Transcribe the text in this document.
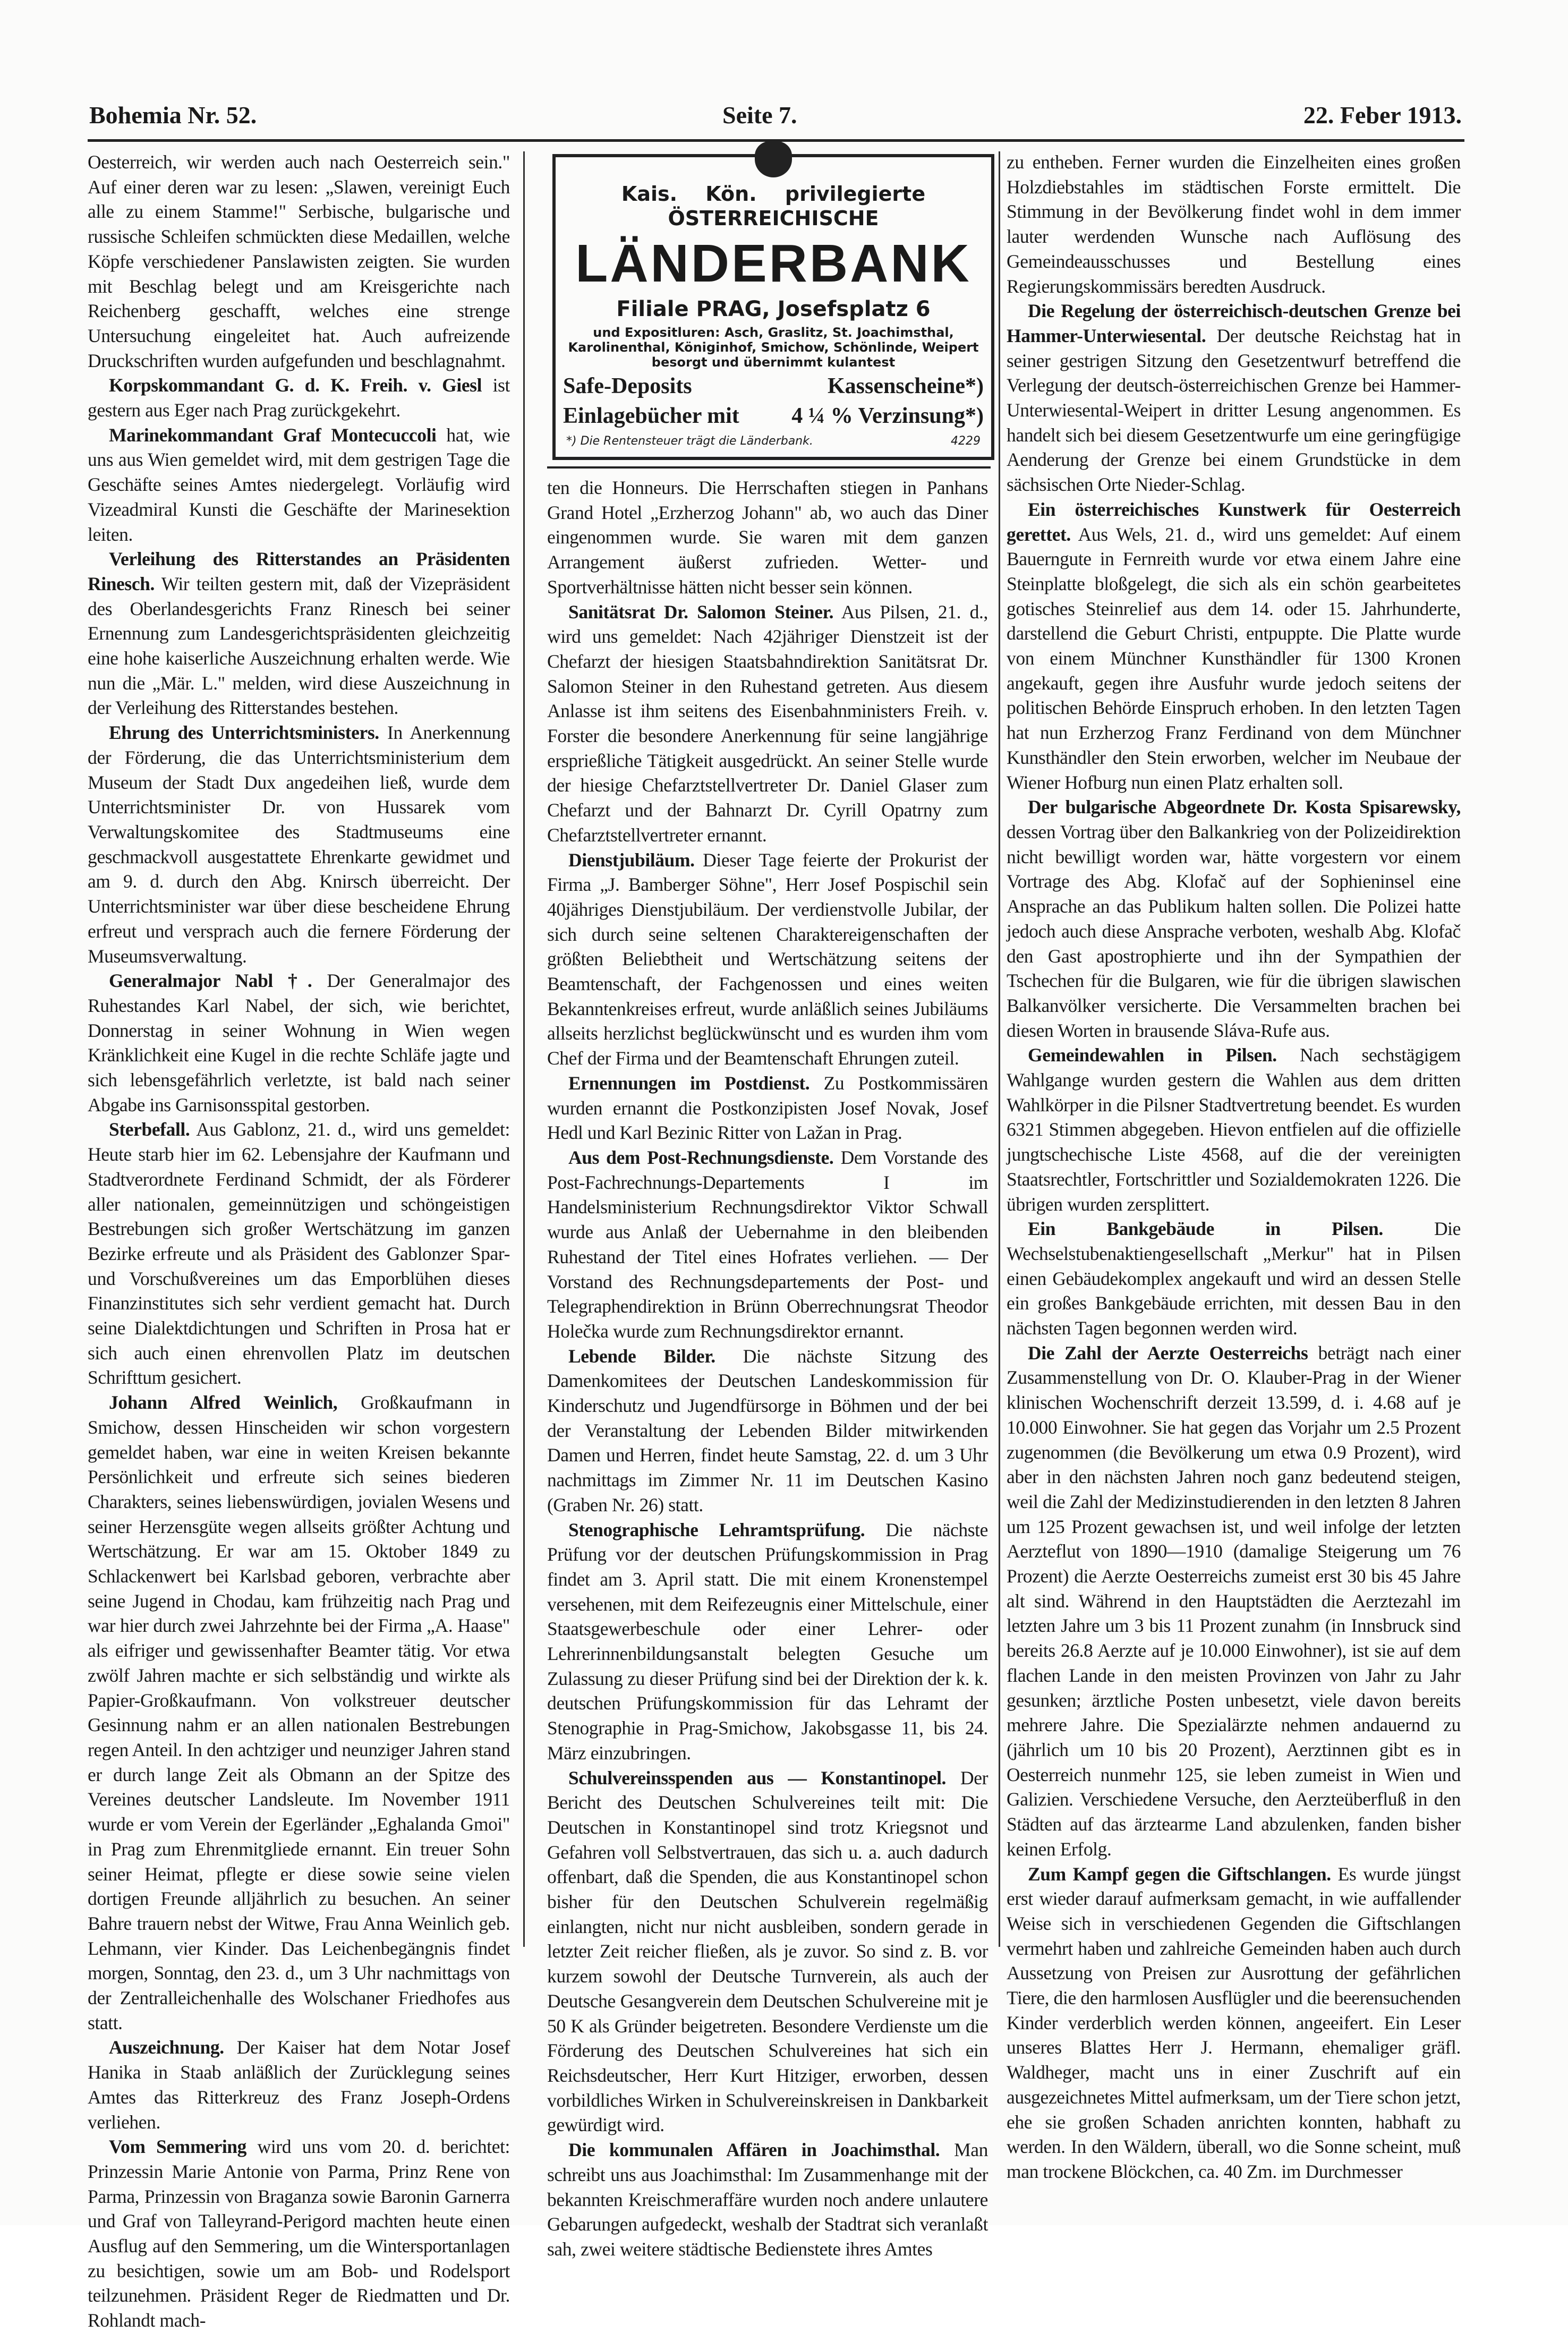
Bohemia Nr. 52.	Seite 7.	22. Feber 1913.
Kais. Kön. privilegierte
ÖSTERREICHISCHE
LÄNDERBANK
Filiale PRAG, Josefsplatz 6
und Expositluren: Asch, Graslitz, St. Joachimsthal, Karolinenthal, Königinhof, Smichow, Schönlinde, Weipert besorgt und übernimmt kulantest
Safe-Deposits	Kassenscheine*)
Einlagebücher mit 4 ¼ % Verzinsung*)
*) Die Rentensteuer trägt die Länderbank.	4229

Oesterreich, wir werden auch nach Oesterreich sein." Auf einer deren war zu lesen: „Slawen, vereinigt Euch alle zu einem Stamme!" Serbische, bulgarische und russische Schleifen schmückten diese Medaillen, welche Köpfe verschiedener Panslawisten zeigten. Sie wurden mit Beschlag belegt und am Kreisgerichte nach Reichenberg geschafft, welches eine strenge Untersuchung eingeleitet hat. Auch aufreizende Druckschriften wurden aufgefunden und beschlagnahmt.

Korpskommandant G. d. K. Freih. v. Giesl ist gestern aus Eger nach Prag zurückgekehrt.

Marinekommandant Graf Montecuccoli hat, wie uns aus Wien gemeldet wird, mit dem gestrigen Tage die Geschäfte seines Amtes niedergelegt. Vorläufig wird Vizeadmiral Kunsti die Geschäfte der Marinesektion leiten.

Verleihung des Ritterstandes an Präsidenten Rinesch. Wir teilten gestern mit, daß der Vizepräsident des Oberlandesgerichts Franz Rinesch bei seiner Ernennung zum Landesgerichtspräsidenten gleichzeitig eine hohe kaiserliche Auszeichnung erhalten werde. Wie nun die „Mär. L." melden, wird diese Auszeichnung in der Verleihung des Ritterstandes bestehen.

Ehrung des Unterrichtsministers. In Anerkennung der Förderung, die das Unterrichtsministerium dem Museum der Stadt Dux angedeihen ließ, wurde dem Unterrichtsminister Dr. von Hussarek vom Verwaltungskomitee des Stadtmuseums eine geschmackvoll ausgestattete Ehrenkarte gewidmet und am 9. d. durch den Abg. Knirsch überreicht. Der Unterrichtsminister war über diese bescheidene Ehrung erfreut und versprach auch die fernere Förderung der Museumsverwaltung.

Generalmajor Nabl †. Der Generalmajor des Ruhestandes Karl Nabel, der sich, wie berichtet, Donnerstag in seiner Wohnung in Wien wegen Kränklichkeit eine Kugel in die rechte Schläfe jagte und sich lebensgefährlich verletzte, ist bald nach seiner Abgabe ins Garnisonsspital gestorben.

Sterbefall. Aus Gablonz, 21. d., wird uns gemeldet: Heute starb hier im 62. Lebensjahre der Kaufmann und Stadtverordnete Ferdinand Schmidt, der als Förderer aller nationalen, gemeinnützigen und schöngeistigen Bestrebungen sich großer Wertschätzung im ganzen Bezirke erfreute und als Präsident des Gablonzer Spar- und Vorschußvereines um das Emporblühen dieses Finanzinstitutes sich sehr verdient gemacht hat. Durch seine Dialektdichtungen und Schriften in Prosa hat er sich auch einen ehrenvollen Platz im deutschen Schrifttum gesichert.

Johann Alfred Weinlich, Großkaufmann in Smichow, dessen Hinscheiden wir schon vorgestern gemeldet haben, war eine in weiten Kreisen bekannte Persönlichkeit und erfreute sich seines biederen Charakters, seines liebenswürdigen, jovialen Wesens und seiner Herzensgüte wegen allseits größter Achtung und Wertschätzung. Er war am 15. Oktober 1849 zu Schlackenwert bei Karlsbad geboren, verbrachte aber seine Jugend in Chodau, kam frühzeitig nach Prag und war hier durch zwei Jahrzehnte bei der Firma „A. Haase" als eifriger und gewissenhafter Beamter tätig. Vor etwa zwölf Jahren machte er sich selbständig und wirkte als Papier-Großkaufmann. Von volkstreuer deutscher Gesinnung nahm er an allen nationalen Bestrebungen regen Anteil. In den achtziger und neunziger Jahren stand er durch lange Zeit als Obmann an der Spitze des Vereines deutscher Landsleute. Im November 1911 wurde er vom Verein der Egerländer „Eghalanda Gmoi" in Prag zum Ehrenmitgliede ernannt. Ein treuer Sohn seiner Heimat, pflegte er diese sowie seine vielen dortigen Freunde alljährlich zu besuchen. An seiner Bahre trauern nebst der Witwe, Frau Anna Weinlich geb. Lehmann, vier Kinder. Das Leichenbegängnis findet morgen, Sonntag, den 23. d., um 3 Uhr nachmittags von der Zentralleichenhalle des Wolschaner Friedhofes aus statt.

Auszeichnung. Der Kaiser hat dem Notar Josef Hanika in Staab anläßlich der Zurücklegung seines Amtes das Ritterkreuz des Franz Joseph-Ordens verliehen.

Vom Semmering wird uns vom 20. d. berichtet: Prinzessin Marie Antonie von Parma, Prinz Rene von Parma, Prinzessin von Braganza sowie Baronin Garnerra und Graf von Talleyrand-Perigord machten heute einen Ausflug auf den Semmering, um die Wintersportanlagen zu besichtigen, sowie um am Bob- und Rodelsport teilzunehmen. Präsident Reger de Riedmatten und Dr. Rohlandt mach-

ten die Honneurs. Die Herrschaften stiegen in Panhans Grand Hotel „Erzherzog Johann" ab, wo auch das Diner eingenommen wurde. Sie waren mit dem ganzen Arrangement äußerst zufrieden. Wetter- und Sportverhältnisse hätten nicht besser sein können.

Sanitätsrat Dr. Salomon Steiner. Aus Pilsen, 21. d., wird uns gemeldet: Nach 42jähriger Dienstzeit ist der Chefarzt der hiesigen Staatsbahndirektion Sanitätsrat Dr. Salomon Steiner in den Ruhestand getreten. Aus diesem Anlasse ist ihm seitens des Eisenbahnministers Freih. v. Forster die besondere Anerkennung für seine langjährige ersprießliche Tätigkeit ausgedrückt. An seiner Stelle wurde der hiesige Chefarztstellvertreter Dr. Daniel Glaser zum Chefarzt und der Bahnarzt Dr. Cyrill Opatrny zum Chefarztstellvertreter ernannt.

Dienstjubiläum. Dieser Tage feierte der Prokurist der Firma „J. Bamberger Söhne", Herr Josef Pospischil sein 40jähriges Dienstjubiläum. Der verdienstvolle Jubilar, der sich durch seine seltenen Charaktereigenschaften der größten Beliebtheit und Wertschätzung seitens der Beamtenschaft, der Fachgenossen und eines weiten Bekanntenkreises erfreut, wurde anläßlich seines Jubiläums allseits herzlichst beglückwünscht und es wurden ihm vom Chef der Firma und der Beamtenschaft Ehrungen zuteil.

Ernennungen im Postdienst. Zu Postkommissären wurden ernannt die Postkonzipisten Josef Novak, Josef Hedl und Karl Bezinic Ritter von Lažan in Prag.

Aus dem Post-Rechnungsdienste. Dem Vorstande des Post-Fachrechnungs-Departements I im Handelsministerium Rechnungsdirektor Viktor Schwall wurde aus Anlaß der Uebernahme in den bleibenden Ruhestand der Titel eines Hofrates verliehen. — Der Vorstand des Rechnungsdepartements der Post- und Telegraphendirektion in Brünn Oberrechnungsrat Theodor Holečka wurde zum Rechnungsdirektor ernannt.

Lebende Bilder. Die nächste Sitzung des Damenkomitees der Deutschen Landeskommission für Kinderschutz und Jugendfürsorge in Böhmen und der bei der Veranstaltung der Lebenden Bilder mitwirkenden Damen und Herren, findet heute Samstag, 22. d. um 3 Uhr nachmittags im Zimmer Nr. 11 im Deutschen Kasino (Graben Nr. 26) statt.

Stenographische Lehramtsprüfung. Die nächste Prüfung vor der deutschen Prüfungskommission in Prag findet am 3. April statt. Die mit einem Kronenstempel versehenen, mit dem Reifezeugnis einer Mittelschule, einer Staatsgewerbeschule oder einer Lehrer- oder Lehrerinnenbildungsanstalt belegten Gesuche um Zulassung zu dieser Prüfung sind bei der Direktion der k. k. deutschen Prüfungskommission für das Lehramt der Stenographie in Prag-Smichow, Jakobsgasse 11, bis 24. März einzubringen.

Schulvereinsspenden aus — Konstantinopel. Der Bericht des Deutschen Schulvereines teilt mit: Die Deutschen in Konstantinopel sind trotz Kriegsnot und Gefahren voll Selbstvertrauen, das sich u. a. auch dadurch offenbart, daß die Spenden, die aus Konstantinopel schon bisher für den Deutschen Schulverein regelmäßig einlangten, nicht nur nicht ausbleiben, sondern gerade in letzter Zeit reicher fließen, als je zuvor. So sind z. B. vor kurzem sowohl der Deutsche Turnverein, als auch der Deutsche Gesangverein dem Deutschen Schulvereine mit je 50 K als Gründer beigetreten. Besondere Verdienste um die Förderung des Deutschen Schulvereines hat sich ein Reichsdeutscher, Herr Kurt Hitziger, erworben, dessen vorbildliches Wirken in Schulvereinskreisen in Dankbarkeit gewürdigt wird.

Die kommunalen Affären in Joachimsthal. Man schreibt uns aus Joachimsthal: Im Zusammenhange mit der bekannten Kreischmeraffäre wurden noch andere unlautere Gebarungen aufgedeckt, weshalb der Stadtrat sich veranlaßt sah, zwei weitere städtische Bedienstete ihres Amtes

zu entheben. Ferner wurden die Einzelheiten eines großen Holzdiebstahles im städtischen Forste ermittelt. Die Stimmung in der Bevölkerung findet wohl in dem immer lauter werdenden Wunsche nach Auflösung des Gemeindeausschusses und Bestellung eines Regierungskommissärs beredten Ausdruck.

Die Regelung der österreichisch-deutschen Grenze bei Hammer-Unterwiesental. Der deutsche Reichstag hat in seiner gestrigen Sitzung den Gesetzentwurf betreffend die Verlegung der deutsch-österreichischen Grenze bei Hammer-Unterwiesental-Weipert in dritter Lesung angenommen. Es handelt sich bei diesem Gesetzentwurfe um eine geringfügige Aenderung der Grenze bei einem Grundstücke in dem sächsischen Orte Nieder-Schlag.

Ein österreichisches Kunstwerk für Oesterreich gerettet. Aus Wels, 21. d., wird uns gemeldet: Auf einem Bauerngute in Fernreith wurde vor etwa einem Jahre eine Steinplatte bloßgelegt, die sich als ein schön gearbeitetes gotisches Steinrelief aus dem 14. oder 15. Jahrhunderte, darstellend die Geburt Christi, entpuppte. Die Platte wurde von einem Münchner Kunsthändler für 1300 Kronen angekauft, gegen ihre Ausfuhr wurde jedoch seitens der politischen Behörde Einspruch erhoben. In den letzten Tagen hat nun Erzherzog Franz Ferdinand von dem Münchner Kunsthändler den Stein erworben, welcher im Neubaue der Wiener Hofburg nun einen Platz erhalten soll.

Der bulgarische Abgeordnete Dr. Kosta Spisarewsky, dessen Vortrag über den Balkankrieg von der Polizeidirektion nicht bewilligt worden war, hätte vorgestern vor einem Vortrage des Abg. Klofač auf der Sophieninsel eine Ansprache an das Publikum halten sollen. Die Polizei hatte jedoch auch diese Ansprache verboten, weshalb Abg. Klofač den Gast apostrophierte und ihn der Sympathien der Tschechen für die Bulgaren, wie für die übrigen slawischen Balkanvölker versicherte. Die Versammelten brachen bei diesen Worten in brausende Sláva-Rufe aus.

Gemeindewahlen in Pilsen. Nach sechstägigem Wahlgange wurden gestern die Wahlen aus dem dritten Wahlkörper in die Pilsner Stadtvertretung beendet. Es wurden 6321 Stimmen abgegeben. Hievon entfielen auf die offizielle jungtschechische Liste 4568, auf die der vereinigten Staatsrechtler, Fortschrittler und Sozialdemokraten 1226. Die übrigen wurden zersplittert.

Ein Bankgebäude in Pilsen.	Die Wechselstubenaktiengesellschaft „Merkur" hat in Pilsen einen Gebäudekomplex angekauft und wird an dessen Stelle ein großes Bankgebäude errichten, mit dessen Bau in den nächsten Tagen begonnen werden wird.

Die Zahl der Aerzte Oesterreichs beträgt nach einer Zusammenstellung von Dr. O. Klauber-Prag in der Wiener klinischen Wochenschrift derzeit 13.599, d. i. 4.68 auf je 10.000 Einwohner. Sie hat gegen das Vorjahr um 2.5 Prozent zugenommen (die Bevölkerung um etwa 0.9 Prozent), wird aber in den nächsten Jahren noch ganz bedeutend steigen, weil die Zahl der Medizinstudierenden in den letzten 8 Jahren um 125 Prozent gewachsen ist, und weil infolge der letzten Aerzteflut von 1890—1910 (damalige Steigerung um 76 Prozent) die Aerzte Oesterreichs zumeist erst 30 bis 45 Jahre alt sind. Während in den Hauptstädten die Aerztezahl im letzten Jahre um 3 bis 11 Prozent zunahm (in Innsbruck sind bereits 26.8 Aerzte auf je 10.000 Einwohner), ist sie auf dem flachen Lande in den meisten Provinzen von Jahr zu Jahr gesunken; ärztliche Posten unbesetzt, viele davon bereits mehrere Jahre. Die Spezialärzte nehmen andauernd zu (jährlich um 10 bis 20 Prozent), Aerztinnen gibt es in Oesterreich nunmehr 125, sie leben zumeist in Wien und Galizien. Verschiedene Versuche, den Aerzteüberfluß in den Städten auf das ärztearme Land abzulenken, fanden bisher keinen Erfolg.

Zum Kampf gegen die Giftschlangen. Es wurde jüngst erst wieder darauf aufmerksam gemacht, in wie auffallender Weise sich in verschiedenen Gegenden die Giftschlangen vermehrt haben und zahlreiche Gemeinden haben auch durch Aussetzung von Preisen zur Ausrottung der gefährlichen Tiere, die den harmlosen Ausflügler und die beerensuchenden Kinder verderblich werden können, angeeifert. Ein Leser unseres Blattes Herr J. Hermann, ehemaliger gräfl. Waldheger, macht uns in einer Zuschrift auf ein ausgezeichnetes Mittel aufmerksam, um der Tiere schon jetzt, ehe sie großen Schaden anrichten konnten, habhaft zu werden. In den Wäldern, überall, wo die Sonne scheint, muß man trockene Blöckchen, ca. 40 Zm. im Durchmesser
